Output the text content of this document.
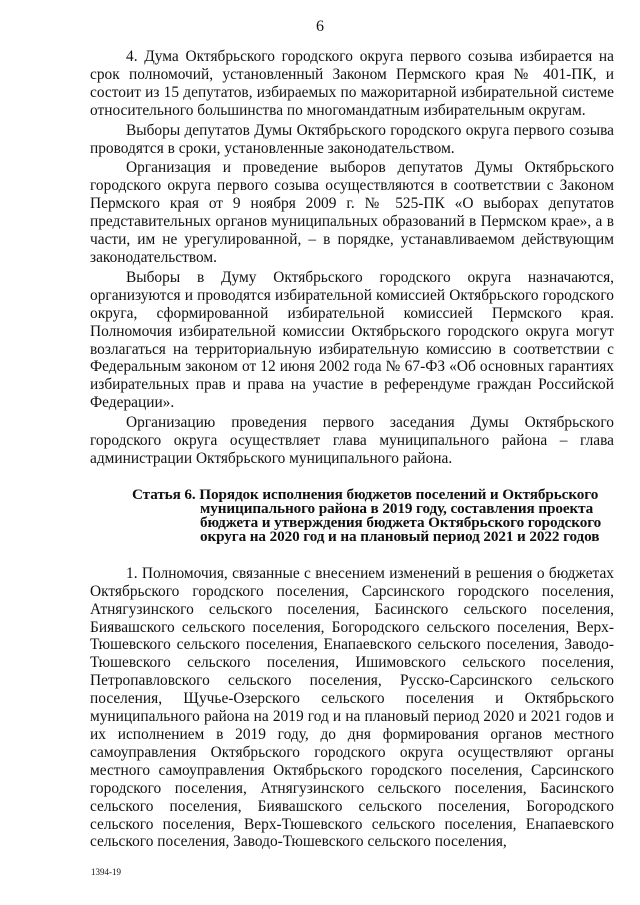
6

4. Дума Октябрьского городского округа первого созыва избирается на срок полномочий, установленный Законом Пермского края № 401-ПК, и состоит из 15 депутатов, избираемых по мажоритарной избирательной системе относительного большинства по многомандатным избирательным округам.

Выборы депутатов Думы Октябрьского городского округа первого созыва проводятся в сроки, установленные законодательством.

Организация и проведение выборов депутатов Думы Октябрьского городского округа первого созыва осуществляются в соответствии с Законом Пермского края от 9 ноября 2009 г. № 525-ПК «О выборах депутатов представительных органов муниципальных образований в Пермском крае», а в части, им не урегулированной, – в порядке, устанавливаемом действующим законодательством.

Выборы в Думу Октябрьского городского округа назначаются, организуются и проводятся избирательной комиссией Октябрьского городского округа, сформированной избирательной комиссией Пермского края. Полномочия избирательной комиссии Октябрьского городского округа могут возлагаться на территориальную избирательную комиссию в соответствии с Федеральным законом от 12 июня 2002 года № 67-ФЗ «Об основных гарантиях избирательных прав и права на участие в референдуме граждан Российской Федерации».

Организацию проведения первого заседания Думы Октябрьского городского округа осуществляет глава муниципального района – глава администрации Октябрьского муниципального района.

Статья 6. Порядок исполнения бюджетов поселений и Октябрьского муниципального района в 2019 году, составления проекта бюджета и утверждения бюджета Октябрьского городского округа на 2020 год и на плановый период 2021 и 2022 годов

1. Полномочия, связанные с внесением изменений в решения о бюджетах Октябрьского городского поселения, Сарсинского городского поселения, Атнягузинского сельского поселения, Басинского сельского поселения, Биявашского сельского поселения, Богородского сельского поселения, Верх-Тюшевского сельского поселения, Енапаевского сельского поселения, Заводо-Тюшевского сельского поселения, Ишимовского сельского поселения, Петропавловского сельского поселения, Русско-Сарсинского сельского поселения, Щучье-Озерского сельского поселения и Октябрьского муниципального района на 2019 год и на плановый период 2020 и 2021 годов и их исполнением в 2019 году, до дня формирования органов местного самоуправления Октябрьского городского округа осуществляют органы местного самоуправления Октябрьского городского поселения, Сарсинского городского поселения, Атнягузинского сельского поселения, Басинского сельского поселения, Биявашского сельского поселения, Богородского сельского поселения, Верх-Тюшевского сельского поселения, Енапаевского сельского поселения, Заводо-Тюшевского сельского поселения,

1394-19
